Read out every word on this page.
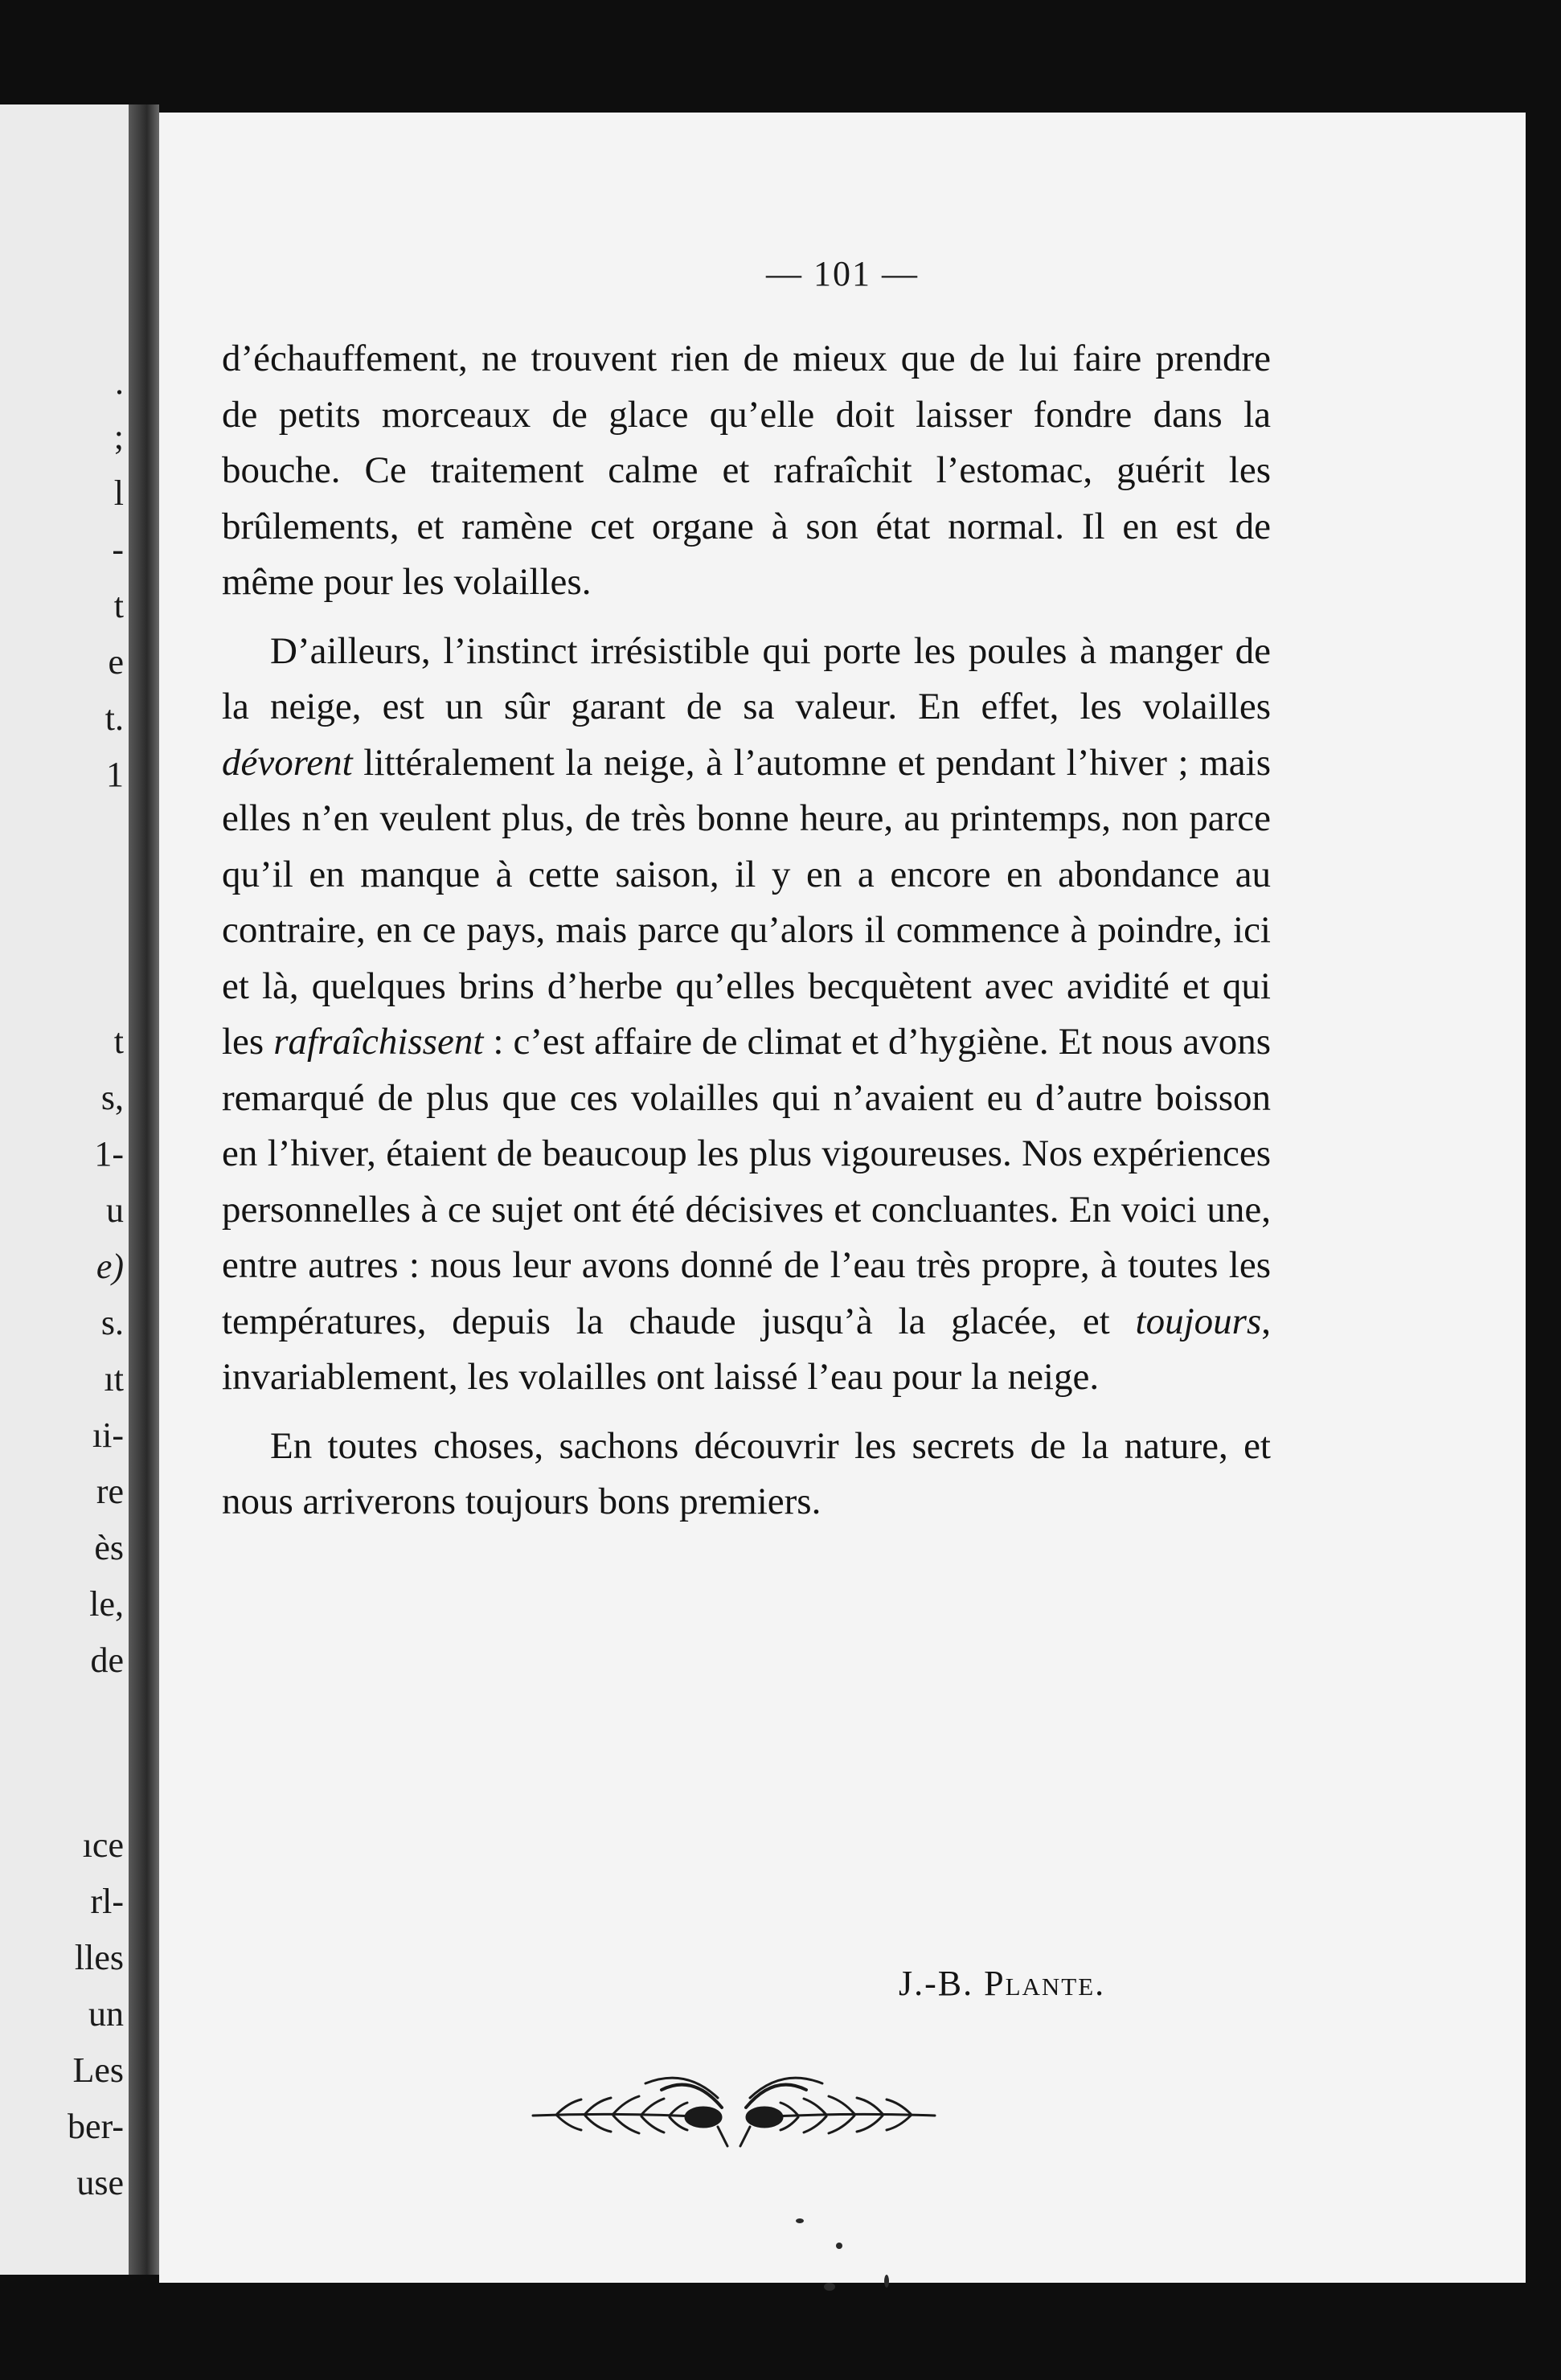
.
;
l
-
t
e
t.
1
t
s,
1-
u
e)
s.
ıt
ıi-
re
ès
le,
de
ıce
rl-
lles
un
Les
ber-
use
— 101 —

d’échauffement, ne trouvent rien de mieux que de lui faire prendre de petits morceaux de glace qu’elle doit laisser fondre dans la bouche. Ce traitement calme et rafraîchit l’estomac, guérit les brûlements, et ramène cet organe à son état normal. Il en est de même pour les volailles.

D’ailleurs, l’instinct irrésistible qui porte les poules à manger de la neige, est un sûr garant de sa valeur. En effet, les volailles dévorent littéralement la neige, à l’automne et pendant l’hiver ; mais elles n’en veulent plus, de très bonne heure, au printemps, non parce qu’il en manque à cette saison, il y en a encore en abondance au contraire, en ce pays, mais parce qu’alors il commence à poindre, ici et là, quelques brins d’herbe qu’elles becquètent avec avidité et qui les rafraîchissent : c’est affaire de climat et d’hygiène. Et nous avons remarqué de plus que ces volailles qui n’avaient eu d’autre boisson en l’hiver, étaient de beaucoup les plus vigoureuses. Nos expériences personnelles à ce sujet ont été décisives et concluantes. En voici une, entre autres : nous leur avons donné de l’eau très propre, à toutes les températures, depuis la chaude jusqu’à la glacée, et toujours, invariablement, les volailles ont laissé l’eau pour la neige.

En toutes choses, sachons découvrir les secrets de la nature, et nous arriverons toujours bons premiers.

J.-B. Plante.
